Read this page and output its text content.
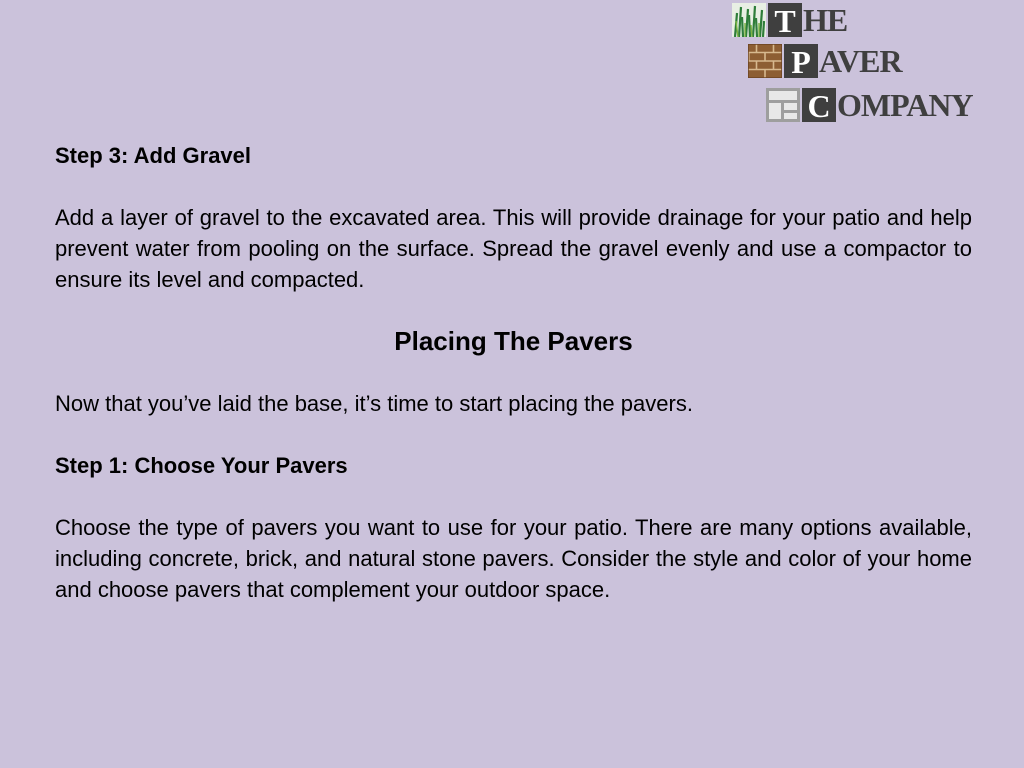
T HE
P AVER
C OMPANY

Step 3: Add Gravel

Add a layer of gravel to the excavated area. This will provide drainage for your patio and help prevent water from pooling on the surface. Spread the gravel evenly and use a compactor to ensure its level and compacted.

Placing The Pavers

Now that you’ve laid the base, it’s time to start placing the pavers.

Step 1: Choose Your Pavers

Choose the type of pavers you want to use for your patio. There are many options available, including concrete, brick, and natural stone pavers. Consider the style and color of your home and choose pavers that complement your outdoor space.
